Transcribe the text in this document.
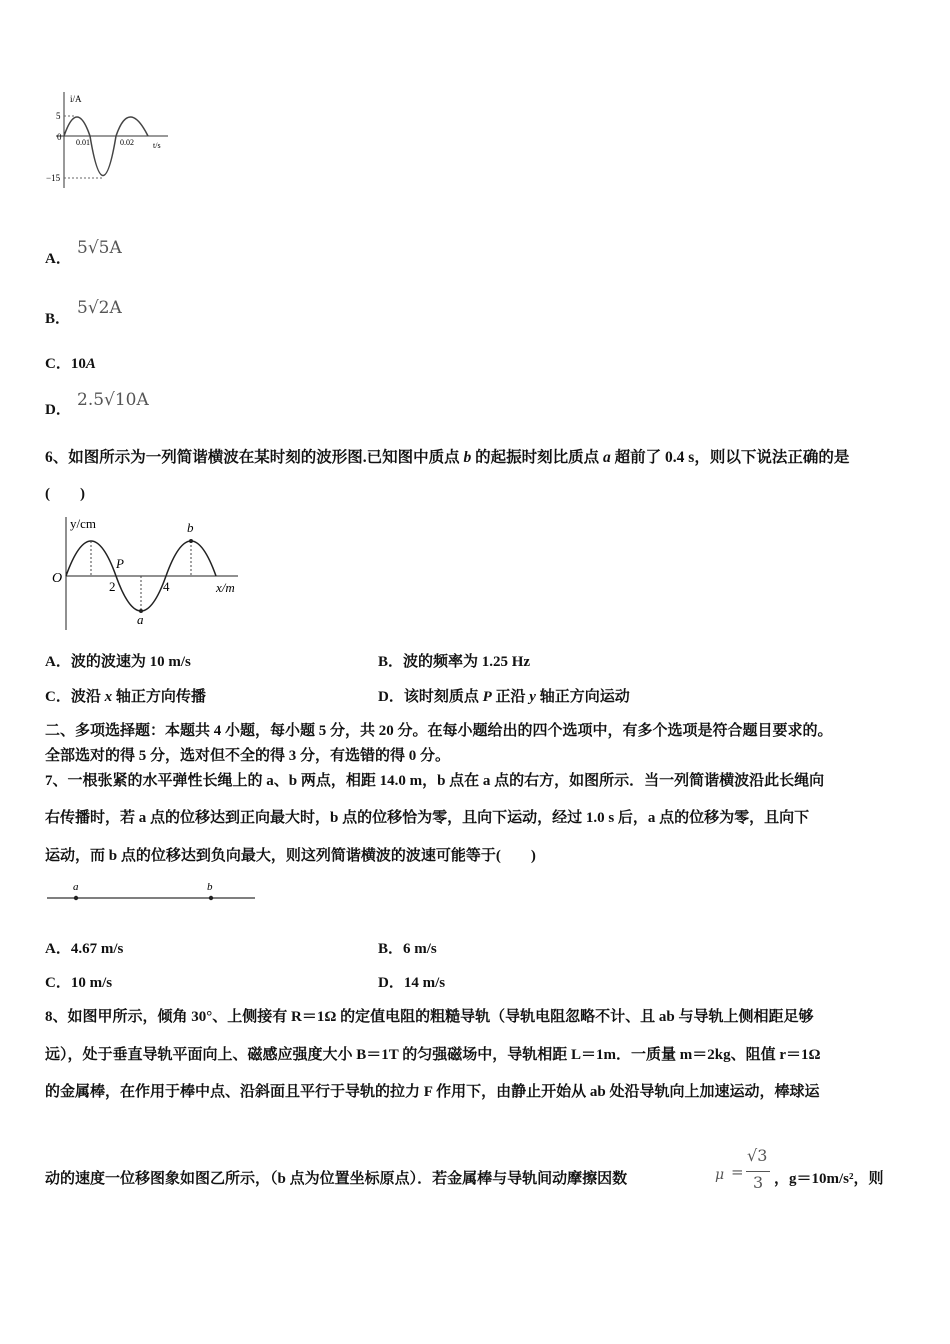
i/A
t/s
0
5
−15
0.01	0.02
A．
5√5A
B．
5√2A
C．10A
D． 2.5√10A
6、如图所示为一列简谐横波在某时刻的波形图.已知图中质点 b 的起振时刻比质点 a 超前了 0.4 s，则以下说法正确的是
(　　)
y/cm
x/m
O
P
2	4
a
b
A．波的波速为 10 m/s	B．波的频率为 1.25 Hz
C．波沿 x 轴正方向传播	D．该时刻质点 P 正沿 y 轴正方向运动
二、多项选择题：本题共 4 小题，每小题 5 分，共 20 分。在每小题给出的四个选项中，有多个选项是符合题目要求的。
全部选对的得 5 分，选对但不全的得 3 分，有选错的得 0 分。
7、一根张紧的水平弹性长绳上的 a、b 两点，相距 14.0 m，b 点在 a 点的右方，如图所示．当一列简谐横波沿此长绳向
右传播时，若 a 点的位移达到正向最大时，b 点的位移恰为零，且向下运动，经过 1.0 s 后，a 点的位移为零，且向下
运动，而 b 点的位移达到负向最大，则这列简谐横波的波速可能等于(　　)
a	b
A．4.67 m/s	B．6 m/s
C．10 m/s	D．14 m/s
8、如图甲所示，倾角 30°、上侧接有 R＝1Ω 的定值电阻的粗糙导轨（导轨电阻忽略不计、且 ab 与导轨上侧相距足够
远），处于垂直导轨平面向上、磁感应强度大小 B＝1T 的匀强磁场中，导轨相距 L＝1m．一质量 m＝2kg、阻值 r＝1Ω
的金属棒，在作用于棒中点、沿斜面且平行于导轨的拉力 F 作用下，由静止开始从 ab 处沿导轨向上加速运动，棒球运
动的速度一位移图象如图乙所示，（b 点为位置坐标原点）．若金属棒与导轨间动摩擦因数	μ =
√3
3 ，g＝10m/s²，则
